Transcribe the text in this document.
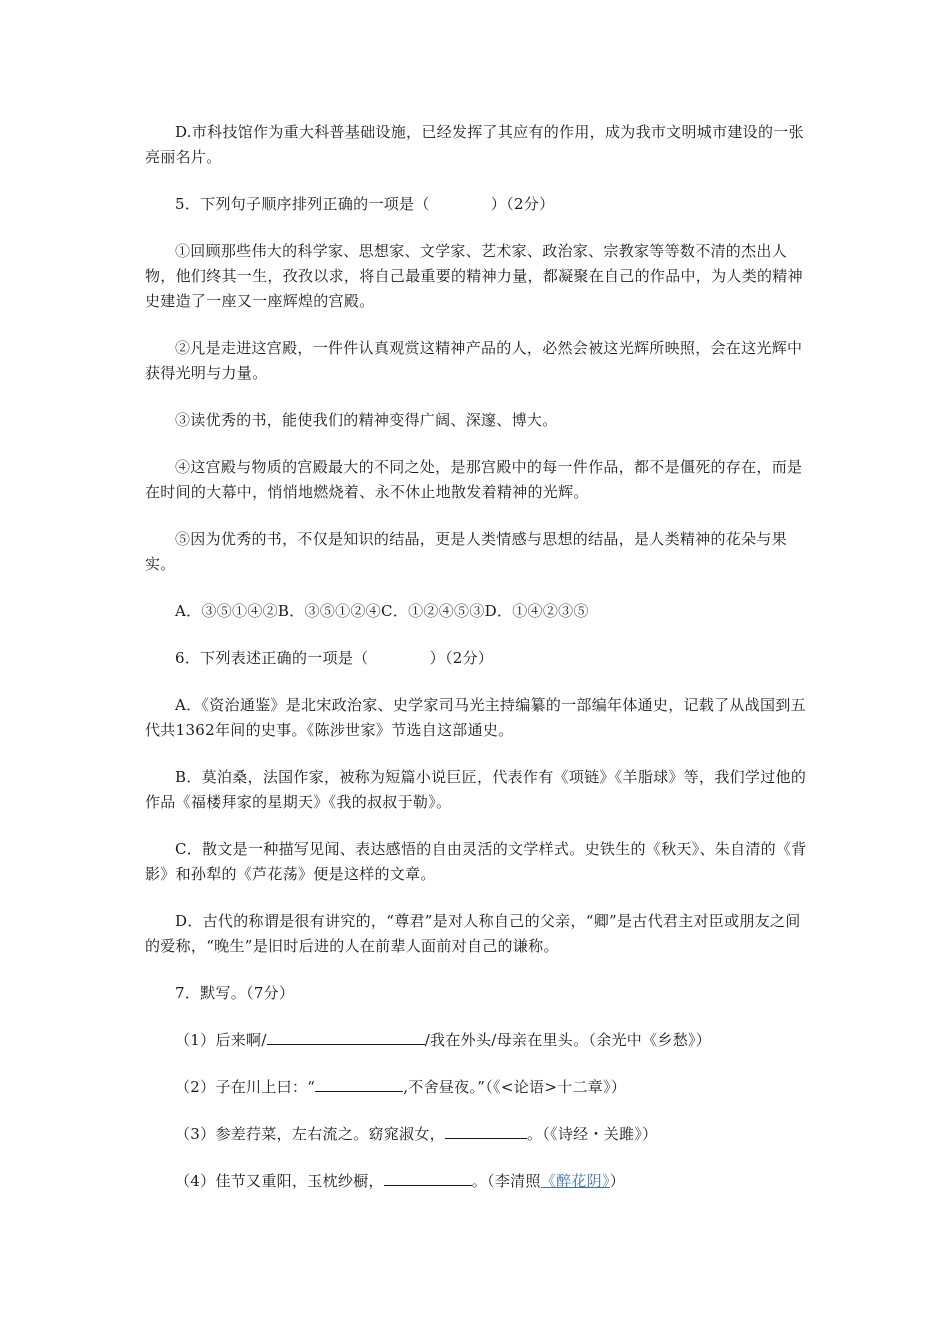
D.市科技馆作为重大科普基础设施，已经发挥了其应有的作用，成为我市文明城市建设的一张亮丽名片。

5．下列句子顺序排列正确的一项是（　　　　）（2分）

①回顾那些伟大的科学家、思想家、文学家、艺术家、政治家、宗教家等等数不清的杰出人物，他们终其一生，孜孜以求，将自己最重要的精神力量，都凝聚在自己的作品中，为人类的精神史建造了一座又一座辉煌的宫殿。

②凡是走进这宫殿，一件件认真观赏这精神产品的人，必然会被这光辉所映照，会在这光辉中获得光明与力量。

③读优秀的书，能使我们的精神变得广阔、深邃、博大。

④这宫殿与物质的宫殿最大的不同之处，是那宫殿中的每一件作品，都不是僵死的存在，而是在时间的大幕中，悄悄地燃烧着、永不休止地散发着精神的光辉。

⑤因为优秀的书，不仅是知识的结晶，更是人类情感与思想的结晶，是人类精神的花朵与果实。

A．③⑤①④②B．③⑤①②④C．①②④⑤③D．①④②③⑤

6．下列表述正确的一项是（　　　　）（2分）

A．《资治通鉴》是北宋政治家、史学家司马光主持编纂的一部编年体通史，记载了从战国到五代共1362年间的史事。《陈涉世家》节选自这部通史。

B．莫泊桑，法国作家，被称为短篇小说巨匠，代表作有《项链》《羊脂球》等，我们学过他的作品《福楼拜家的星期天》《我的叔叔于勒》。

C．散文是一种描写见闻、表达感悟的自由灵活的文学样式。史铁生的《秋天》、朱自清的《背影》和孙犁的《芦花荡》便是这样的文章。

D．古代的称谓是很有讲究的，“尊君”是对人称自己的父亲，“卿”是古代君主对臣或朋友之间的爱称，“晚生”是旧时后进的人在前辈人面前对自己的谦称。

7．默写。（7分）

（1）后来啊/	/我在外头/母亲在里头。（余光中《乡愁》）
（2）子在川上曰：“	,不舍昼夜。”（《<论语>十二章》）
（3）参差荇菜，左右流之。窈窕淑女，	。（《诗经・关雎》）
（4）佳节又重阳，玉枕纱橱，	。（李清照《醉花阴》）
